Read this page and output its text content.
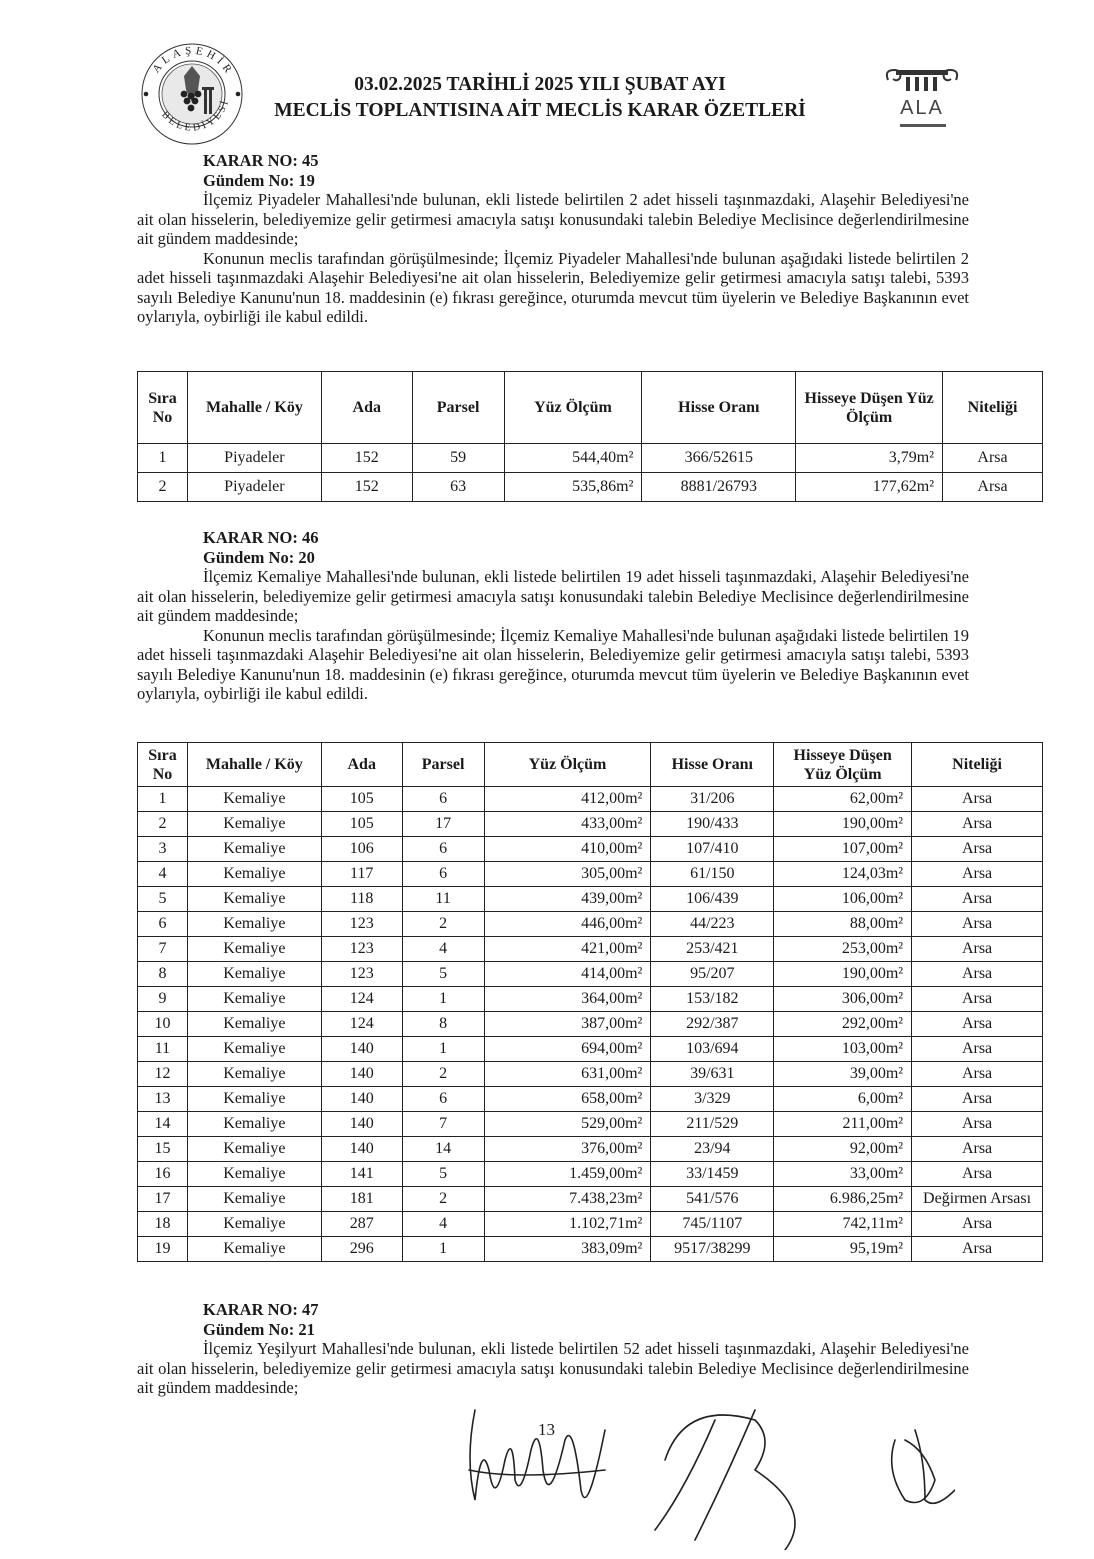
ALAŞEHİR
BELEDİYESİ	ALA
03.02.2025 TARİHLİ 2025 YILI ŞUBAT AYI
MECLİS TOPLANTISINA AİT MECLİS KARAR ÖZETLERİ
KARAR NO: 45
Gündem No: 19

İlçemiz Piyadeler Mahallesi'nde bulunan, ekli listede belirtilen 2 adet hisseli taşınmazdaki, Alaşehir Belediyesi'ne ait olan hisselerin, belediyemize gelir getirmesi amacıyla satışı konusundaki talebin Belediye Meclisince değerlendirilmesine ait gündem maddesinde;

Konunun meclis tarafından görüşülmesinde; İlçemiz Piyadeler Mahallesi'nde bulunan aşağıdaki listede belirtilen 2 adet hisseli taşınmazdaki Alaşehir Belediyesi'ne ait olan hisselerin, Belediyemize gelir getirmesi amacıyla satışı talebi, 5393 sayılı Belediye Kanunu'nun 18. maddesinin (e) fıkrası gereğince, oturumda mevcut tüm üyelerin ve Belediye Başkanının evet oylarıyla, oybirliği ile kabul edildi.

Sıra No	Mahalle / Köy	Ada	Parsel	Yüz Ölçüm	Hisse Oranı	Hisseye Düşen Yüz Ölçüm	Niteliği
1	Piyadeler	152	59	544,40m²	366/52615	3,79m²	Arsa
2	Piyadeler	152	63	535,86m²	8881/26793	177,62m²	Arsa
KARAR NO: 46
Gündem No: 20

İlçemiz Kemaliye Mahallesi'nde bulunan, ekli listede belirtilen 19 adet hisseli taşınmazdaki, Alaşehir Belediyesi'ne ait olan hisselerin, belediyemize gelir getirmesi amacıyla satışı konusundaki talebin Belediye Meclisince değerlendirilmesine ait gündem maddesinde;

Konunun meclis tarafından görüşülmesinde; İlçemiz Kemaliye Mahallesi'nde bulunan aşağıdaki listede belirtilen 19 adet hisseli taşınmazdaki Alaşehir Belediyesi'ne ait olan hisselerin, Belediyemize gelir getirmesi amacıyla satışı talebi, 5393 sayılı Belediye Kanunu'nun 18. maddesinin (e) fıkrası gereğince, oturumda mevcut tüm üyelerin ve Belediye Başkanının evet oylarıyla, oybirliği ile kabul edildi.

Sıra No	Mahalle / Köy	Ada	Parsel	Yüz Ölçüm	Hisse Oranı	Hisseye Düşen Yüz Ölçüm	Niteliği
1	Kemaliye	105	6	412,00m²	31/206	62,00m²	Arsa
2	Kemaliye	105	17	433,00m²	190/433	190,00m²	Arsa
3	Kemaliye	106	6	410,00m²	107/410	107,00m²	Arsa
4	Kemaliye	117	6	305,00m²	61/150	124,03m²	Arsa
5	Kemaliye	118	11	439,00m²	106/439	106,00m²	Arsa
6	Kemaliye	123	2	446,00m²	44/223	88,00m²	Arsa
7	Kemaliye	123	4	421,00m²	253/421	253,00m²	Arsa
8	Kemaliye	123	5	414,00m²	95/207	190,00m²	Arsa
9	Kemaliye	124	1	364,00m²	153/182	306,00m²	Arsa
10	Kemaliye	124	8	387,00m²	292/387	292,00m²	Arsa
11	Kemaliye	140	1	694,00m²	103/694	103,00m²	Arsa
12	Kemaliye	140	2	631,00m²	39/631	39,00m²	Arsa
13	Kemaliye	140	6	658,00m²	3/329	6,00m²	Arsa
14	Kemaliye	140	7	529,00m²	211/529	211,00m²	Arsa
15	Kemaliye	140	14	376,00m²	23/94	92,00m²	Arsa
16	Kemaliye	141	5	1.459,00m²	33/1459	33,00m²	Arsa
17	Kemaliye	181	2	7.438,23m²	541/576	6.986,25m²	Değirmen Arsası
18	Kemaliye	287	4	1.102,71m²	745/1107	742,11m²	Arsa
19	Kemaliye	296	1	383,09m²	9517/38299	95,19m²	Arsa
KARAR NO: 47
Gündem No: 21

İlçemiz Yeşilyurt Mahallesi'nde bulunan, ekli listede belirtilen 52 adet hisseli taşınmazdaki, Alaşehir Belediyesi'ne ait olan hisselerin, belediyemize gelir getirmesi amacıyla satışı konusundaki talebin Belediye Meclisince değerlendirilmesine ait gündem maddesinde;

13
